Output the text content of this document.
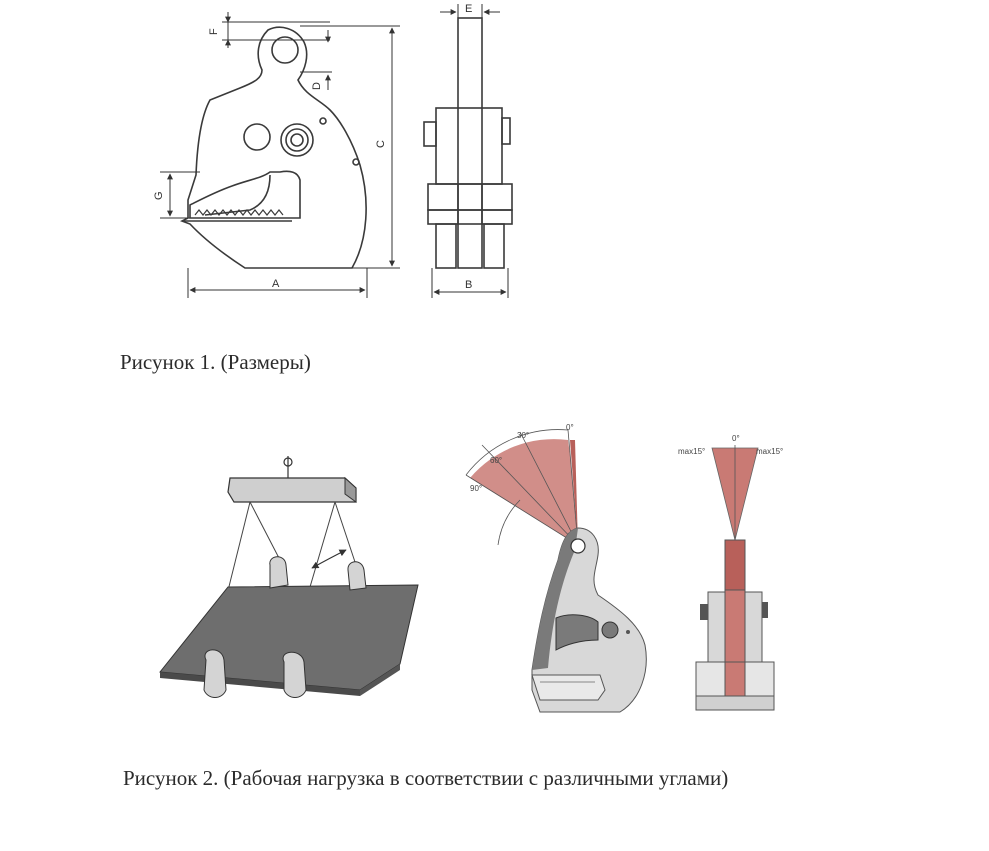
A
C
F
D
G
E
B
0°
30°
60°
90°
max15°
0°
max15°
Рисунок 1. (Размеры)
Рисунок 2. (Рабочая нагрузка в соответствии с различными углами)
